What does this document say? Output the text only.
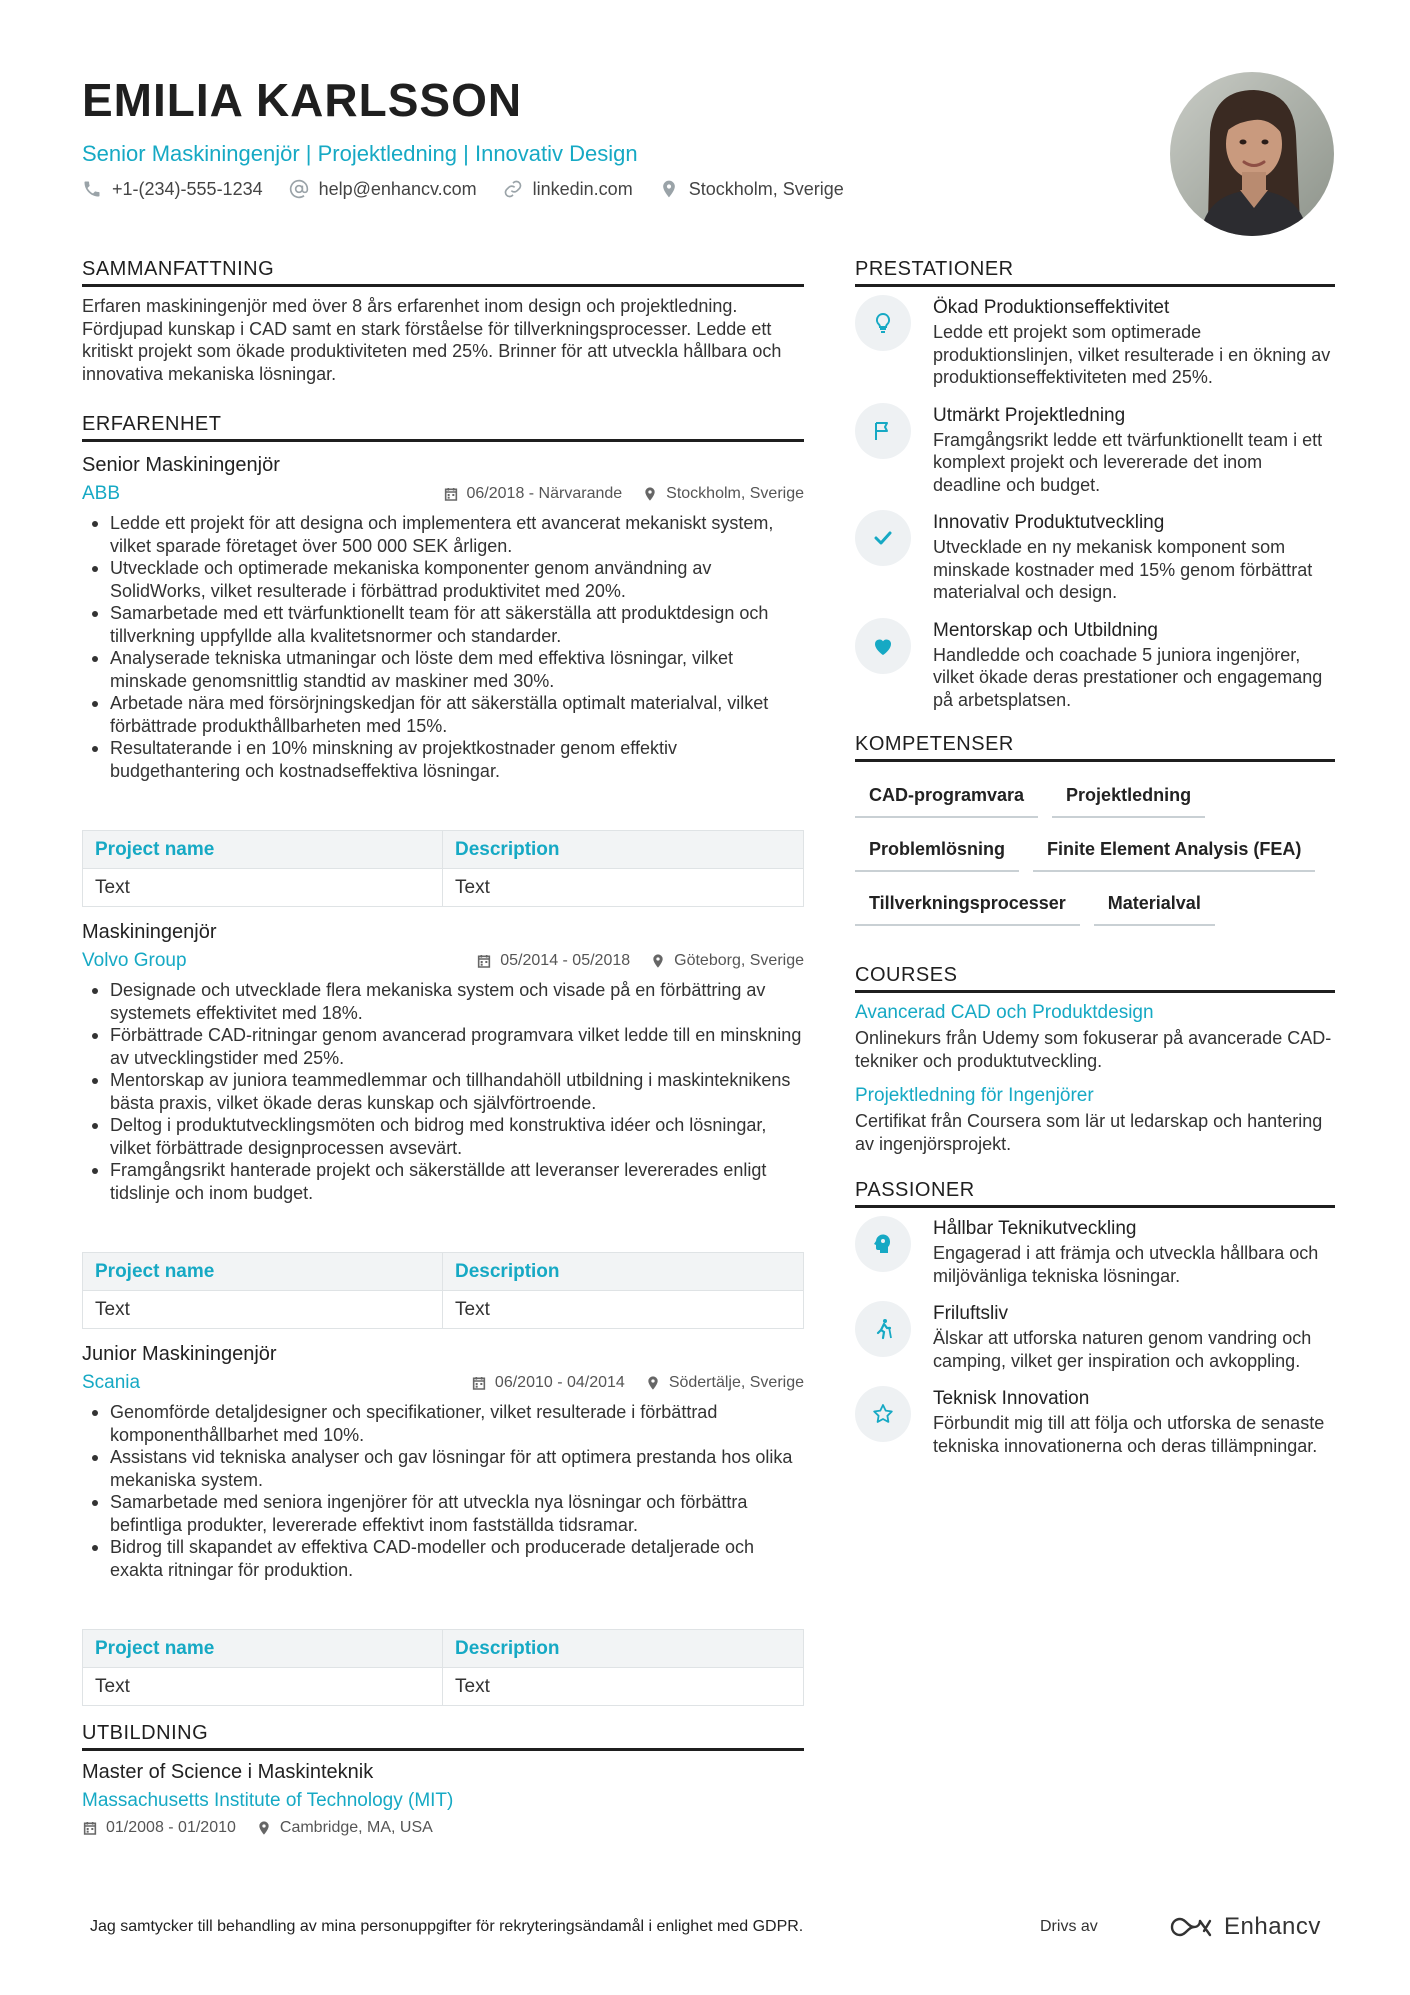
EMILIA KARLSSON
Senior Maskiningenjör | Projektledning | Innovativ Design
+1-(234)-555-1234	help@enhancv.com	linkedin.com	Stockholm, Sverige
SAMMANFATTNING
Erfaren maskiningenjör med över 8 års erfarenhet inom design och projektledning. Fördjupad kunskap i CAD samt en stark förståelse för tillverkningsprocesser. Ledde ett kritiskt projekt som ökade produktiviteten med 25%. Brinner för att utveckla hållbara och innovativa mekaniska lösningar.
ERFARENHET
Senior Maskiningenjör
ABB	06/2018 - Närvarande	Stockholm, Sverige
Ledde ett projekt för att designa och implementera ett avancerat mekaniskt system, vilket sparade företaget över 500 000 SEK årligen.
Utvecklade och optimerade mekaniska komponenter genom användning av SolidWorks, vilket resulterade i förbättrad produktivitet med 20%.
Samarbetade med ett tvärfunktionellt team för att säkerställa att produktdesign och tillverkning uppfyllde alla kvalitetsnormer och standarder.
Analyserade tekniska utmaningar och löste dem med effektiva lösningar, vilket minskade genomsnittlig standtid av maskiner med 30%.
Arbetade nära med försörjningskedjan för att säkerställa optimalt materialval, vilket förbättrade produkthållbarheten med 15%.
Resultaterande i en 10% minskning av projektkostnader genom effektiv budgethantering och kostnadseffektiva lösningar.
Project name	Description
Text	Text
Maskiningenjör
Volvo Group	05/2014 - 05/2018	Göteborg, Sverige
Designade och utvecklade flera mekaniska system och visade på en förbättring av systemets effektivitet med 18%.
Förbättrade CAD-ritningar genom avancerad programvara vilket ledde till en minskning av utvecklingstider med 25%.
Mentorskap av juniora teammedlemmar och tillhandahöll utbildning i maskinteknikens bästa praxis, vilket ökade deras kunskap och självförtroende.
Deltog i produktutvecklingsmöten och bidrog med konstruktiva idéer och lösningar, vilket förbättrade designprocessen avsevärt.
Framgångsrikt hanterade projekt och säkerställde att leveranser levererades enligt tidslinje och inom budget.
Project name	Description
Text	Text
Junior Maskiningenjör
Scania	06/2010 - 04/2014	Södertälje, Sverige
Genomförde detaljdesigner och specifikationer, vilket resulterade i förbättrad komponenthållbarhet med 10%.
Assistans vid tekniska analyser och gav lösningar för att optimera prestanda hos olika mekaniska system.
Samarbetade med seniora ingenjörer för att utveckla nya lösningar och förbättra befintliga produkter, levererade effektivt inom fastställda tidsramar.
Bidrog till skapandet av effektiva CAD-modeller och producerade detaljerade och exakta ritningar för produktion.
Project name	Description
Text	Text
UTBILDNING
Master of Science i Maskinteknik
Massachusetts Institute of Technology (MIT)
01/2008 - 01/2010	Cambridge, MA, USA
PRESTATIONER
Ökad Produktionseffektivitet
Ledde ett projekt som optimerade produktionslinjen, vilket resulterade i en ökning av produktionseffektiviteten med 25%.
Utmärkt Projektledning
Framgångsrikt ledde ett tvärfunktionellt team i ett komplext projekt och levererade det inom deadline och budget.
Innovativ Produktutveckling
Utvecklade en ny mekanisk komponent som minskade kostnader med 15% genom förbättrat materialval och design.
Mentorskap och Utbildning
Handledde och coachade 5 juniora ingenjörer, vilket ökade deras prestationer och engagemang på arbetsplatsen.
KOMPETENSER
CAD-programvara	Projektledning
Problemlösning	Finite Element Analysis (FEA)
Tillverkningsprocesser	Materialval
COURSES
Avancerad CAD och Produktdesign
Onlinekurs från Udemy som fokuserar på avancerade CAD-tekniker och produktutveckling.
Projektledning för Ingenjörer
Certifikat från Coursera som lär ut ledarskap och hantering av ingenjörsprojekt.
PASSIONER
Hållbar Teknikutveckling
Engagerad i att främja och utveckla hållbara och miljövänliga tekniska lösningar.
Friluftsliv
Älskar att utforska naturen genom vandring och camping, vilket ger inspiration och avkoppling.
Teknisk Innovation
Förbundit mig till att följa och utforska de senaste tekniska innovationerna och deras tillämpningar.
Jag samtycker till behandling av mina personuppgifter för rekryteringsändamål i enlighet med GDPR.	Drivs av	Enhancv
